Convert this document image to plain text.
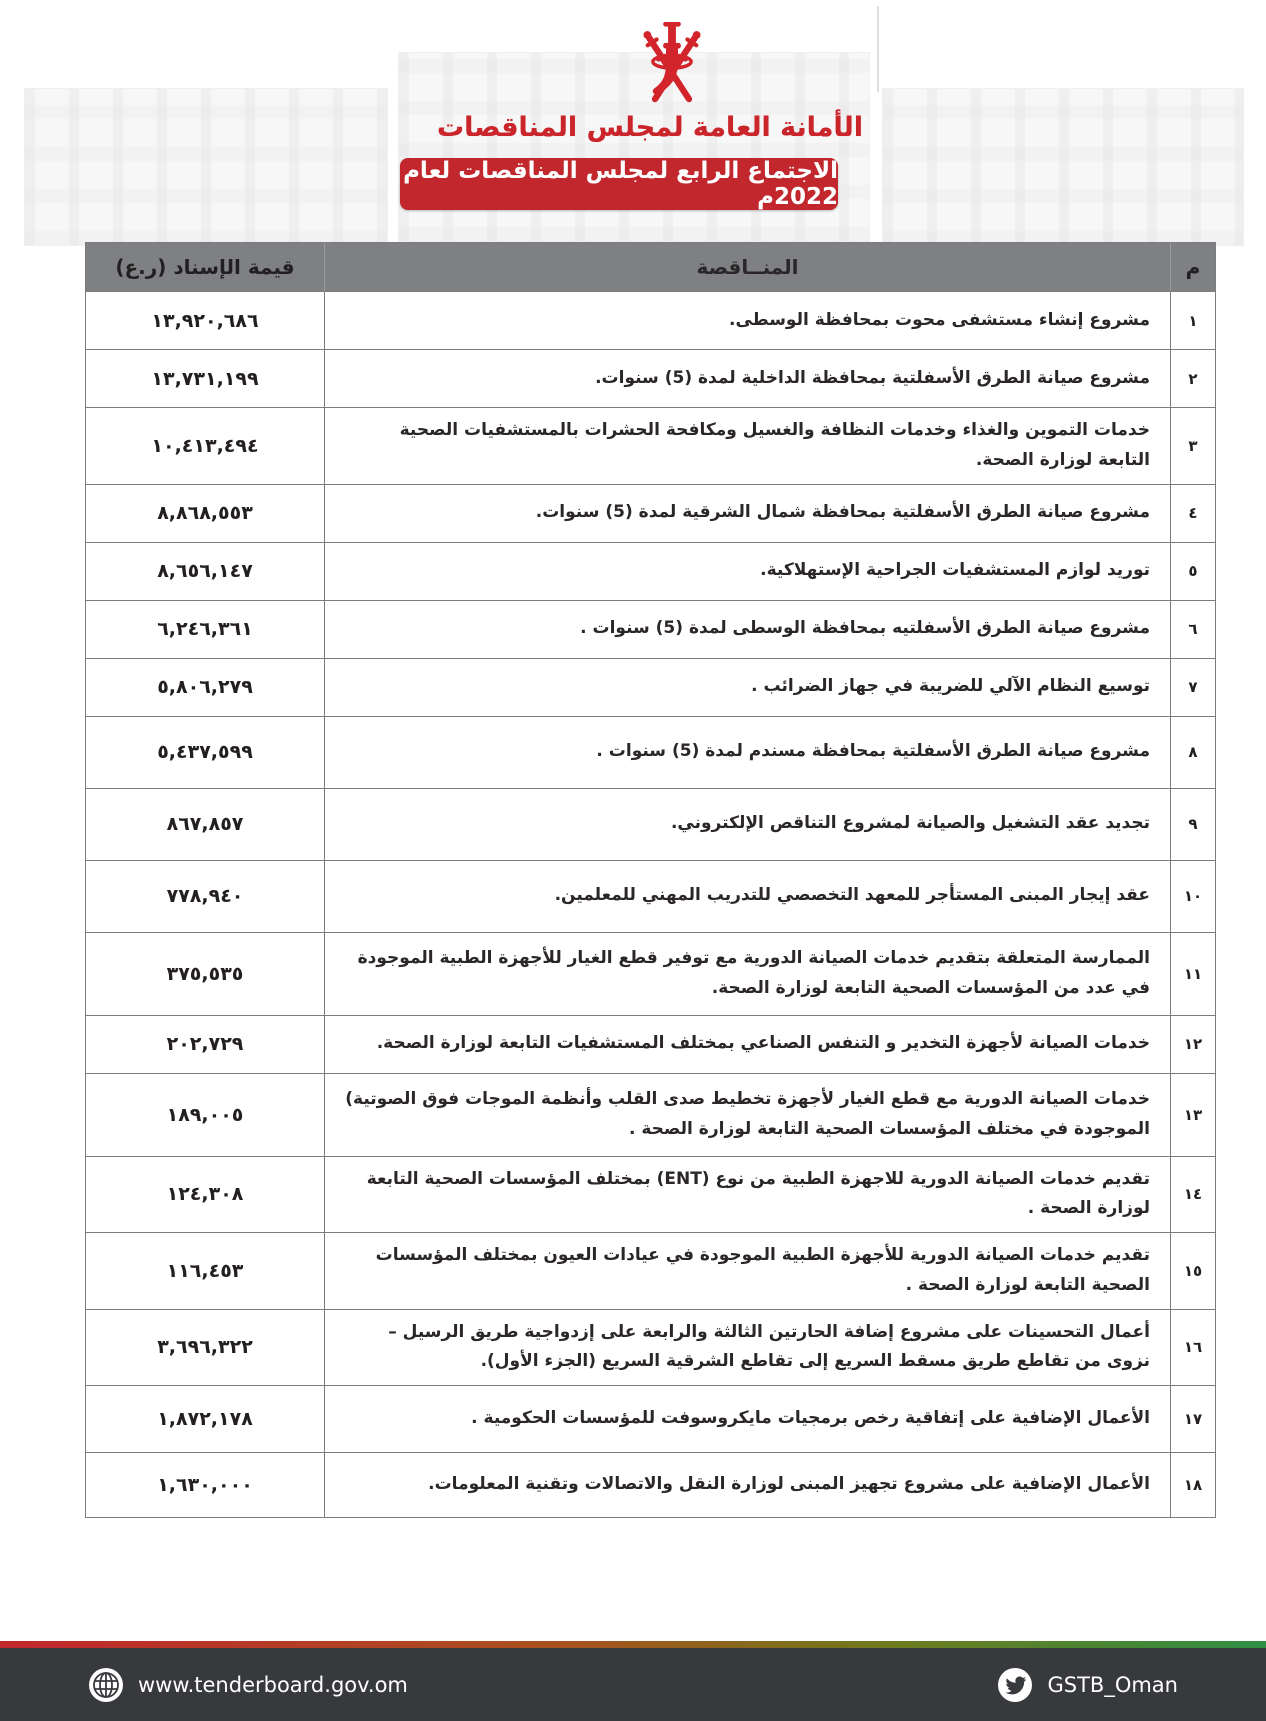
الأمانة العامة لمجلس المناقصات
الاجتماع الرابع لمجلس المناقصات لعام 2022م
م
المنــاقصة
قيمة الإسناد (ر.ع)
١
مشروع إنشاء مستشفى محوت بمحافظة الوسطى.
١٣,٩٢٠,٦٨٦
٢
مشروع صيانة الطرق الأسفلتية بمحافظة الداخلية لمدة (5) سنوات.
١٣,٧٣١,١٩٩
٣
خدمات التموين والغذاء وخدمات النظافة والغسيل ومكافحة الحشرات بالمستشفيات الصحية التابعة لوزارة الصحة.
١٠,٤١٣,٤٩٤
٤
مشروع صيانة الطرق الأسفلتية بمحافظة شمال الشرقية لمدة (5) سنوات.
٨,٨٦٨,٥٥٣
٥
توريد لوازم المستشفيات الجراحية الإستهلاكية.
٨,٦٥٦,١٤٧
٦
مشروع صيانة الطرق الأسفلتيه بمحافظة الوسطى لمدة (5) سنوات .
٦,٢٤٦,٣٦١
٧
توسيع النظام الآلي للضريبة في جهاز الضرائب .
٥,٨٠٦,٢٧٩
٨
مشروع صيانة الطرق الأسفلتية بمحافظة مسندم لمدة (5) سنوات .
٥,٤٣٧,٥٩٩
٩
تجديد عقد التشغيل والصيانة لمشروع التناقص الإلكتروني.
٨٦٧,٨٥٧
١٠
عقد إيجار المبنى المستأجر للمعهد التخصصي للتدريب المهني للمعلمين.
٧٧٨,٩٤٠
١١
الممارسة المتعلقة بتقديم خدمات الصيانة الدورية مع توفير قطع الغيار للأجهزة الطبية الموجودة في عدد من المؤسسات الصحية التابعة لوزارة الصحة.
٣٧٥,٥٣٥
١٢
خدمات الصيانة لأجهزة التخدير و التنفس الصناعي بمختلف المستشفيات التابعة لوزارة الصحة.
٢٠٢,٧٢٩
١٣
خدمات الصيانة الدورية مع قطع الغيار لأجهزة تخطيط صدى القلب وأنظمة الموجات فوق الصوتية) الموجودة في مختلف المؤسسات الصحية التابعة لوزارة الصحة .
١٨٩,٠٠٥
١٤
تقديم خدمات الصيانة الدورية للاجهزة الطبية من نوع (ENT) بمختلف المؤسسات الصحية التابعة لوزارة الصحة .
١٢٤,٣٠٨
١٥
تقديم خدمات الصيانة الدورية للأجهزة الطبية الموجودة في عيادات العيون بمختلف المؤسسات الصحية التابعة لوزارة الصحة .
١١٦,٤٥٣
١٦
أعمال التحسينات على مشروع إضافة الحارتين الثالثة والرابعة على إزدواجية طريق الرسيل – نزوى من تقاطع طريق مسقط السريع إلى تقاطع الشرقية السريع (الجزء الأول).
٣,٦٩٦,٣٢٢
١٧
الأعمال الإضافية على إتفاقية رخص برمجيات مايكروسوفت للمؤسسات الحكومية .
١,٨٧٢,١٧٨
١٨
الأعمال الإضافية على مشروع تجهيز المبنى لوزارة النقل والاتصالات وتقنية المعلومات.
١,٦٣٠,٠٠٠
www.tenderboard.gov.om	GSTB_Oman
